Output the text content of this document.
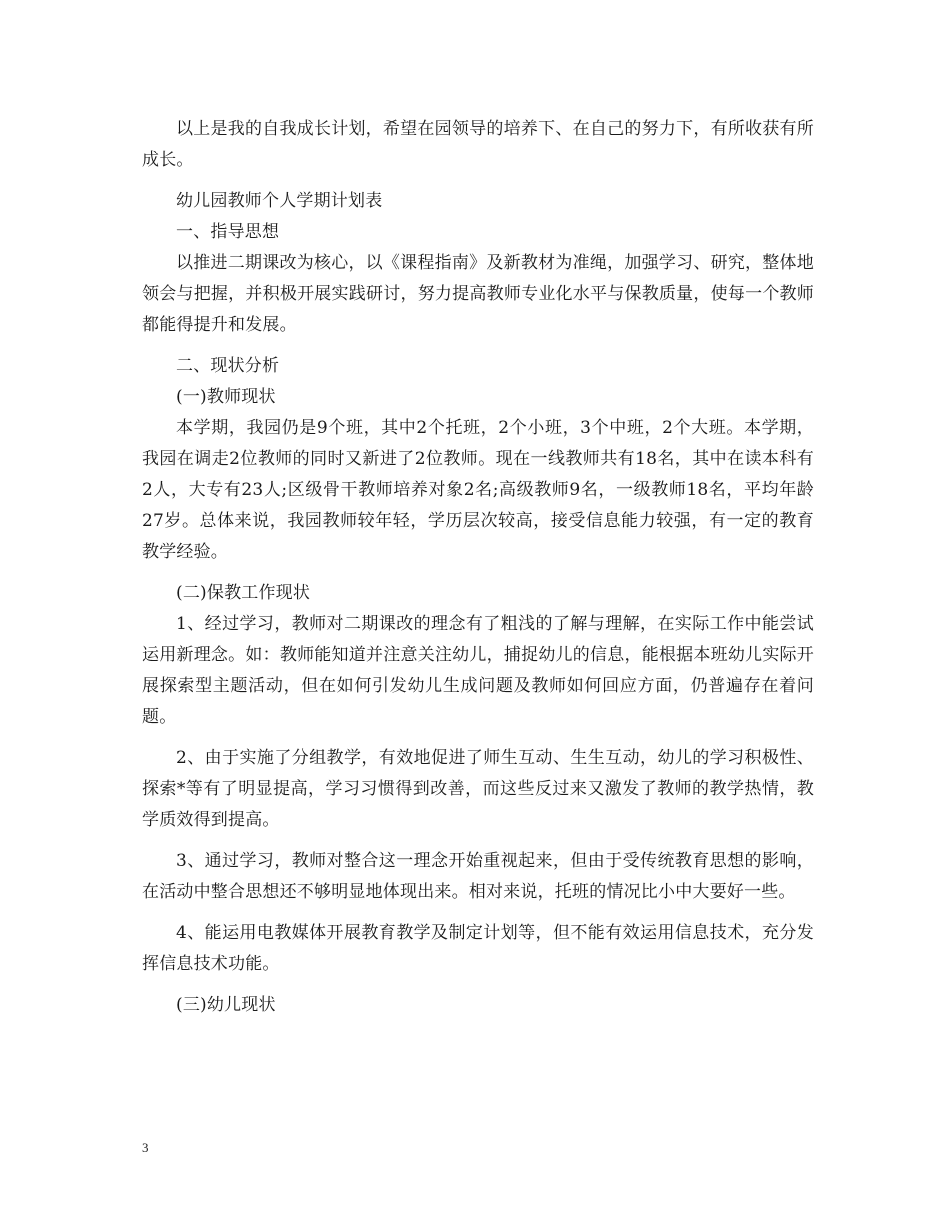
以上是我的自我成长计划，希望在园领导的培养下、在自己的努力下，有所收获有所成长。

幼儿园教师个人学期计划表

一、指导思想

以推进二期课改为核心，以《课程指南》及新教材为准绳，加强学习、研究，整体地领会与把握，并积极开展实践研讨，努力提高教师专业化水平与保教质量，使每一个教师都能得提升和发展。

二、现状分析

(一)教师现状

本学期，我园仍是9个班，其中2个托班，2个小班，3个中班，2个大班。本学期，我园在调走2位教师的同时又新进了2位教师。现在一线教师共有18名，其中在读本科有2人，大专有23人;区级骨干教师培养对象2名;高级教师9名，一级教师18名，平均年龄27岁。总体来说，我园教师较年轻，学历层次较高，接受信息能力较强，有一定的教育教学经验。

(二)保教工作现状

1、经过学习，教师对二期课改的理念有了粗浅的了解与理解，在实际工作中能尝试运用新理念。如：教师能知道并注意关注幼儿，捕捉幼儿的信息，能根据本班幼儿实际开展探索型主题活动，但在如何引发幼儿生成问题及教师如何回应方面，仍普遍存在着问题。

2、由于实施了分组教学，有效地促进了师生互动、生生互动，幼儿的学习积极性、探索*等有了明显提高，学习习惯得到改善，而这些反过来又激发了教师的教学热情，教学质效得到提高。

3、通过学习，教师对整合这一理念开始重视起来，但由于受传统教育思想的影响，在活动中整合思想还不够明显地体现出来。相对来说，托班的情况比小中大要好一些。

4、能运用电教媒体开展教育教学及制定计划等，但不能有效运用信息技术，充分发挥信息技术功能。

(三)幼儿现状

3
